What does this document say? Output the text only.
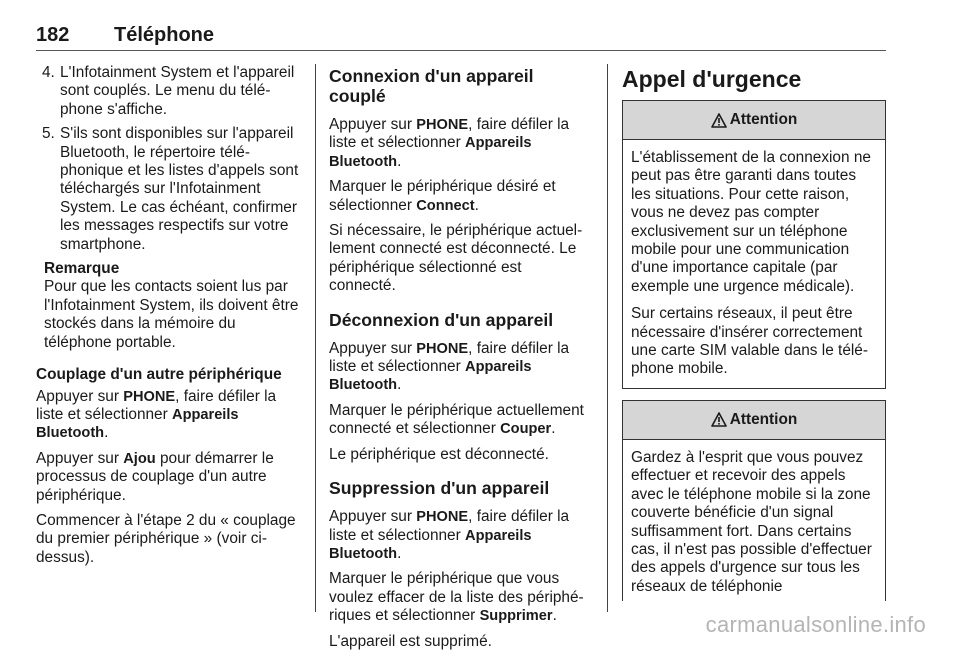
182 Téléphone
4. L'Infotainment System et l'appareil sont couplés. Le menu du téléphone s'affiche.
5. S'ils sont disponibles sur l'appareil Bluetooth, le répertoire téléphonique et les listes d'appels sont téléchargés sur l'Infotainment System. Le cas échéant, confirmer les messages respectifs sur votre smartphone.
Remarque
Pour que les contacts soient lus par l'Infotainment System, ils doivent être stockés dans la mémoire du téléphone portable.
Couplage d'un autre périphérique

Appuyer sur PHONE, faire défiler la liste et sélectionner Appareils Bluetooth.

Appuyer sur Ajou pour démarrer le processus de couplage d'un autre périphérique.

Commencer à l'étape 2 du « couplage du premier périphérique » (voir ci-dessus).

Connexion d'un appareil couplé

Appuyer sur PHONE, faire défiler la liste et sélectionner Appareils Bluetooth.

Marquer le périphérique désiré et sélectionner Connect.

Si nécessaire, le périphérique actuellement connecté est déconnecté. Le périphérique sélectionné est connecté.

Déconnexion d'un appareil

Appuyer sur PHONE, faire défiler la liste et sélectionner Appareils Bluetooth.

Marquer le périphérique actuellement connecté et sélectionner Couper.

Le périphérique est déconnecté.

Suppression d'un appareil

Appuyer sur PHONE, faire défiler la liste et sélectionner Appareils Bluetooth.

Marquer le périphérique que vous voulez effacer de la liste des périphériques et sélectionner Supprimer.

L'appareil est supprimé.

Appel d'urgence
Attention

L'établissement de la connexion ne peut pas être garanti dans toutes les situations. Pour cette raison, vous ne devez pas compter exclusivement sur un téléphone mobile pour une communication d'une importance capitale (par exemple une urgence médicale).

Sur certains réseaux, il peut être nécessaire d'insérer correctement une carte SIM valable dans le téléphone mobile.

Attention

Gardez à l'esprit que vous pouvez effectuer et recevoir des appels avec le téléphone mobile si la zone couverte bénéficie d'un signal suffisamment fort. Dans certains cas, il n'est pas possible d'effectuer des appels d'urgence sur tous les réseaux de téléphonie

carmanualsonline.info
